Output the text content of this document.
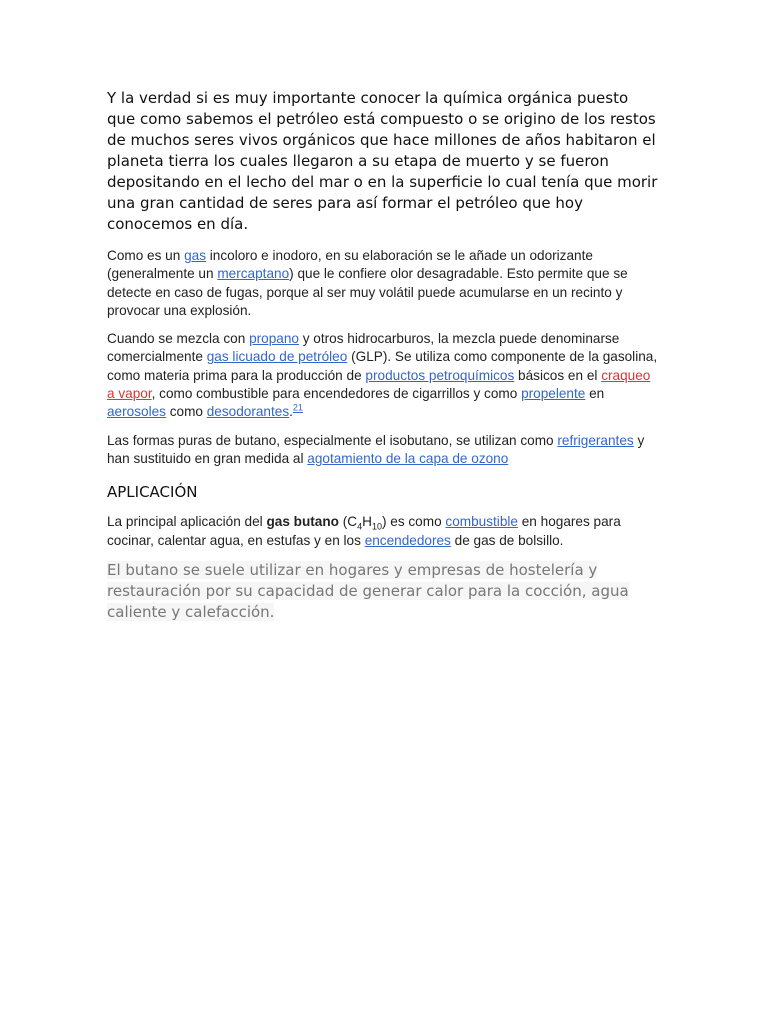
Y la verdad si es muy importante conocer la química orgánica puesto que como sabemos el petróleo está compuesto o se origino de los restos de muchos seres vivos orgánicos que hace millones de años habitaron el planeta tierra los cuales llegaron a su etapa de muerto y se fueron depositando en el lecho del mar o en la superficie lo cual tenía que morir una gran cantidad de seres para así formar el petróleo que hoy conocemos en día.

Como es un gas incoloro e inodoro, en su elaboración se le añade un odorizante (generalmente un mercaptano) que le confiere olor desagradable. Esto permite que se detecte en caso de fugas, porque al ser muy volátil puede acumularse en un recinto y provocar una explosión.

Cuando se mezcla con propano y otros hidrocarburos, la mezcla puede denominarse comercialmente gas licuado de petróleo (GLP). Se utiliza como componente de la gasolina, como materia prima para la producción de productos petroquímicos básicos en el craqueo a vapor, como combustible para encendedores de cigarrillos y como propelente en aerosoles como desodorantes.$^{21}$

Las formas puras de butano, especialmente el isobutano, se utilizan como refrigerantes y han sustituido en gran medida al agotamiento de la capa de ozono

APLICACIÓN

La principal aplicación del gas butano $(C_4H_{10})$ es como combustible en hogares para cocinar, calentar agua, en estufas y en los encendedores de gas de bolsillo.

El butano se suele utilizar en hogares y empresas de hostelería y restauración por su capacidad de generar calor para la cocción, agua caliente y calefacción.
